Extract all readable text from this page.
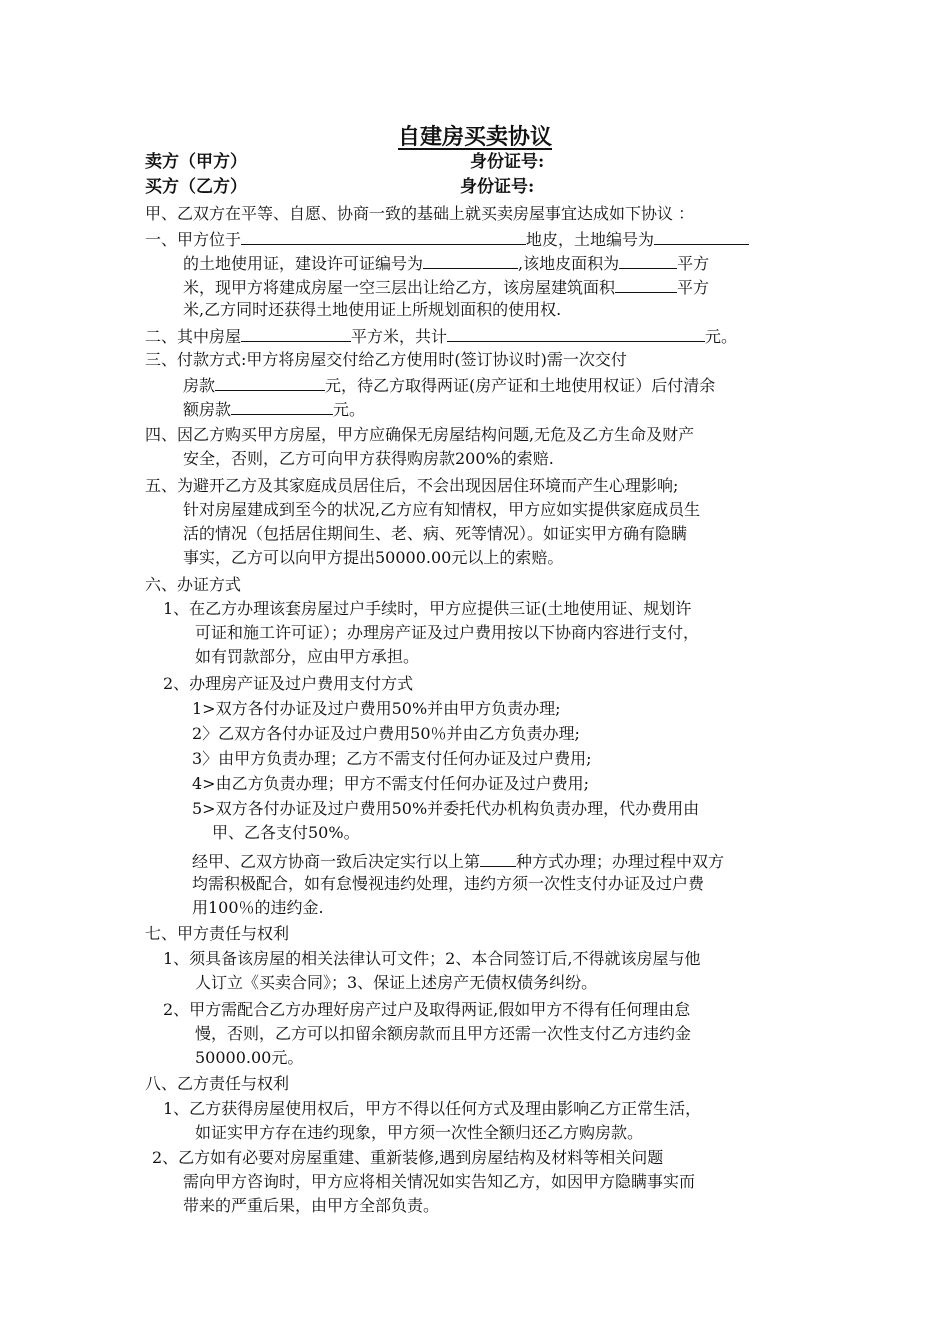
自建房买卖协议
卖方（甲方）	身份证号:
买方（乙方）	身份证号:
甲、乙双方在平等、自愿、协商一致的基础上就买卖房屋事宜达成如下协议 ：
一、甲方位于	地皮，土地编号为
的土地使用证，建设许可证编号为	,该地皮面积为	平方
米，现甲方将建成房屋一空三层出让给乙方，该房屋建筑面积	平方
米,乙方同时还获得土地使用证上所规划面积的使用权.
二、其中房屋	平方米，共计	元。
三、付款方式:甲方将房屋交付给乙方使用时(签订协议时)需一次交付
房款	元，待乙方取得两证(房产证和土地使用权证）后付清余
额房款	元。
四、因乙方购买甲方房屋，甲方应确保无房屋结构问题,无危及乙方生命及财产
安全，否则，乙方可向甲方获得购房款200%的索赔.
五、为避开乙方及其家庭成员居住后，不会出现因居住环境而产生心理影响;
针对房屋建成到至今的状况,乙方应有知情权，甲方应如实提供家庭成员生
活的情况（包括居住期间生、老、病、死等情况）。如证实甲方确有隐瞒
事实，乙方可以向甲方提出50000.00元以上的索赔。
六、办证方式
1、在乙方办理该套房屋过户手续时，甲方应提供三证(土地使用证、规划许
可证和施工许可证）；办理房产证及过户费用按以下协商内容进行支付，
如有罚款部分，应由甲方承担。
2、办理房产证及过户费用支付方式
1>双方各付办证及过户费用50%并由甲方负责办理;
2〉乙双方各付办证及过户费用50％并由乙方负责办理;
3〉由甲方负责办理；乙方不需支付任何办证及过户费用;
4>由乙方负责办理；甲方不需支付任何办证及过户费用;
5>双方各付办证及过户费用50%并委托代办机构负责办理，代办费用由
甲、乙各支付50%。
经甲、乙双方协商一致后决定实行以上第 种方式办理；办理过程中双方
均需积极配合，如有怠慢视违约处理，违约方须一次性支付办证及过户费
用100％的违约金.
七、甲方责任与权利
1、须具备该房屋的相关法律认可文件；2、本合同签订后,不得就该房屋与他
人订立《买卖合同》；3、保证上述房产无债权债务纠纷。
2、甲方需配合乙方办理好房产过户及取得两证,假如甲方不得有任何理由怠
慢，否则，乙方可以扣留余额房款而且甲方还需一次性支付乙方违约金
50000.00元。
八、乙方责任与权利
1、乙方获得房屋使用权后，甲方不得以任何方式及理由影响乙方正常生活，
如证实甲方存在违约现象，甲方须一次性全额归还乙方购房款。
2、乙方如有必要对房屋重建、重新装修,遇到房屋结构及材料等相关问题
需向甲方咨询时，甲方应将相关情况如实告知乙方，如因甲方隐瞒事实而
带来的严重后果，由甲方全部负责。
